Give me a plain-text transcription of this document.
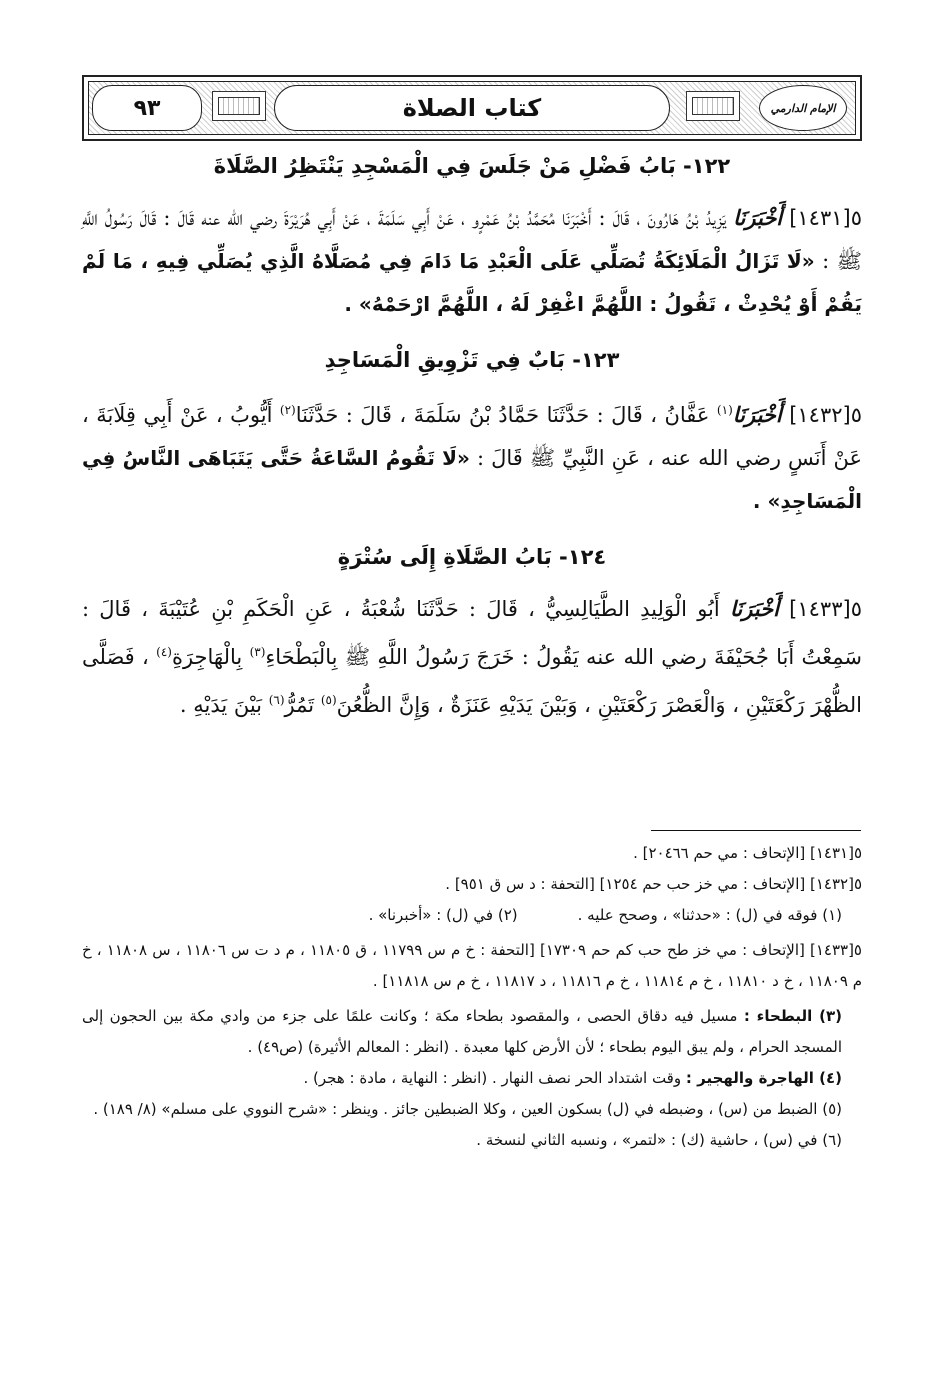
الإمام الدارمي
كتاب الصلاة
٩٣
١٢٢- بَابُ فَضْلِ مَنْ جَلَسَ فِي الْمَسْجِدِ يَنْتَظِرُ الصَّلَاةَ

٥[١٤٣١] أَخْبَرَنَا يَزِيدُ بْنُ هَارُونَ ، قَالَ : أَخْبَرَنَا مُحَمَّدُ بْنُ عَمْرٍو ، عَنْ أَبِي سَلَمَةَ ، عَنْ أَبِي هُرَيْرَةَ رضي الله عنه قَالَ : قَالَ رَسُولُ اللَّهِ ﷺ : «لَا تَزَالُ الْمَلَائِكَةُ تُصَلِّي عَلَى الْعَبْدِ مَا دَامَ فِي مُصَلَّاهُ الَّذِي يُصَلِّي فِيهِ ، مَا لَمْ يَقُمْ أَوْ يُحْدِثْ ، تَقُولُ : اللَّهُمَّ اغْفِرْ لَهُ ، اللَّهُمَّ ارْحَمْهُ» .

١٢٣- بَابٌ فِي تَزْوِيقِ الْمَسَاجِدِ

٥[١٤٣٢] أَخْبَرَنَا$^{(١)}$ عَفَّانُ ، قَالَ : حَدَّثَنَا حَمَّادُ بْنُ سَلَمَةَ ، قَالَ : حَدَّثَنَا$^{(٢)}$ أَيُّوبُ ، عَنْ أَبِي قِلَابَةَ ، عَنْ أَنَسٍ رضي الله عنه ، عَنِ النَّبِيِّ ﷺ قَالَ : «لَا تَقُومُ السَّاعَةُ حَتَّى يَتَبَاهَى النَّاسُ فِي الْمَسَاجِدِ» .

١٢٤- بَابُ الصَّلَاةِ إِلَى سُتْرَةٍ

٥[١٤٣٣] أَخْبَرَنَا أَبُو الْوَلِيدِ الطَّيَالِسِيُّ ، قَالَ : حَدَّثَنَا شُعْبَةُ ، عَنِ الْحَكَمِ بْنِ عُتَيْبَةَ ، قَالَ : سَمِعْتُ أَبَا جُحَيْفَةَ رضي الله عنه يَقُولُ : خَرَجَ رَسُولُ اللَّهِ ﷺ بِالْبَطْحَاءِ$^{(٣)}$ بِالْهَاجِرَةِ$^{(٤)}$ ، فَصَلَّى الظُّهْرَ رَكْعَتَيْنِ ، وَالْعَصْرَ رَكْعَتَيْنِ ، وَبَيْنَ يَدَيْهِ عَنَزَةٌ ، وَإِنَّ الظُّعُنَ$^{(٥)}$ تَمُرُّ$^{(٦)}$ بَيْنَ يَدَيْهِ .

٥[١٤٣١] [الإتحاف : مي حم ٢٠٤٦٦] .
٥[١٤٣٢] [الإتحاف : مي خز حب حم ١٢٥٤] [التحفة : د س ق ٩٥١] .
(١) فوقه في (ل) : «حدثنا» ، وصحح عليه .
(٢) في (ل) : «أخبرنا» .
٥[١٤٣٣] [الإتحاف : مي خز طح حب كم حم ١٧٣٠٩] [التحفة : خ م س ١١٧٩٩ ، ق ١١٨٠٥ ، م د ت س ١١٨٠٦ ، س ١١٨٠٨ ، خ م ١١٨٠٩ ، خ د ١١٨١٠ ، خ م ١١٨١٤ ، خ م ١١٨١٦ ، د ١١٨١٧ ، خ م س ١١٨١٨] .
(٣) البطحاء : مسيل فيه دقاق الحصى ، والمقصود بطحاء مكة ؛ وكانت علمًا على جزء من وادي مكة بين الحجون إلى المسجد الحرام ، ولم يبق اليوم بطحاء ؛ لأن الأرض كلها معبدة . (انظر : المعالم الأثيرة) (ص٤٩) .
(٤) الهاجرة والهجير : وقت اشتداد الحر نصف النهار . (انظر : النهاية ، مادة : هجر) .
(٥) الضبط من (س) ، وضبطه في (ل) بسكون العين ، وكلا الضبطين جائز . وينظر : «شرح النووي على مسلم» (٨/ ١٨٩) .
(٦) في (س) ، حاشية (ك) : «لتمر» ، ونسبه الثاني لنسخة .
